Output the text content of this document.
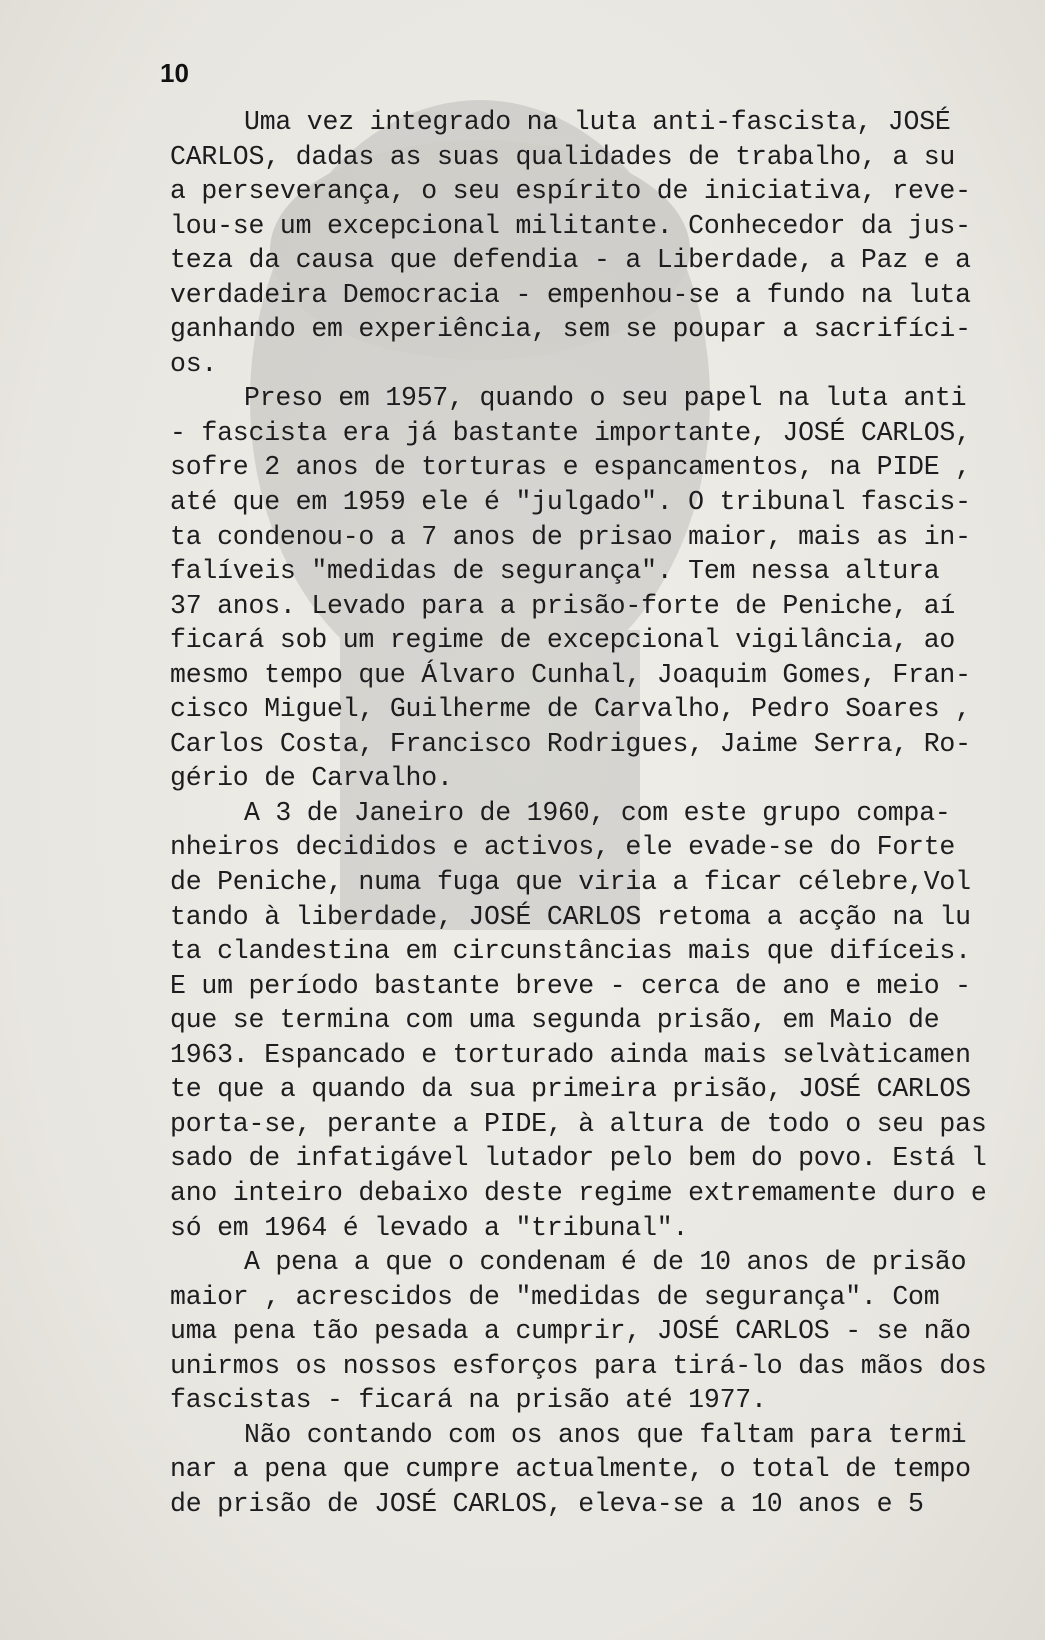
10

Uma vez integrado na luta anti-fascista, JOSÉ

CARLOS, dadas as suas qualidades de trabalho, a su

a perseverança, o seu espírito de iniciativa, reve-

lou-se um excepcional militante. Conhecedor da jus-

teza da causa que defendia - a Liberdade, a Paz e a

verdadeira Democracia - empenhou-se a fundo na luta

ganhando em experiência, sem se poupar a sacrifíci-

os.

Preso em 1957, quando o seu papel na luta anti

- fascista era já bastante importante, JOSÉ CARLOS,

sofre 2 anos de torturas e espancamentos, na PIDE ,

até que em 1959 ele é "julgado". O tribunal fascis-

ta condenou-o a 7 anos de prisao maior, mais as in-

falíveis "medidas de segurança". Tem nessa altura

37 anos. Levado para a prisão-forte de Peniche, aí

ficará sob um regime de excepcional vigilância, ao

mesmo tempo que Álvaro Cunhal, Joaquim Gomes, Fran-

cisco Miguel, Guilherme de Carvalho, Pedro Soares ,

Carlos Costa, Francisco Rodrigues, Jaime Serra, Ro-

gério de Carvalho.

A 3 de Janeiro de 1960, com este grupo compa-

nheiros decididos e activos, ele evade-se do Forte

de Peniche, numa fuga que viria a ficar célebre,Vol

tando à liberdade, JOSÉ CARLOS retoma a acção na lu

ta clandestina em circunstâncias mais que difíceis.

E um período bastante breve - cerca de ano e meio -

que se termina com uma segunda prisão, em Maio de

1963. Espancado e torturado ainda mais selvàticamen

te que a quando da sua primeira prisão, JOSÉ CARLOS

porta-se, perante a PIDE, à altura de todo o seu pas

sado de infatigável lutador pelo bem do povo. Está l

ano inteiro debaixo deste regime extremamente duro e

só em 1964 é levado a "tribunal".

A pena a que o condenam é de 10 anos de prisão

maior , acrescidos de "medidas de segurança". Com

uma pena tão pesada a cumprir, JOSÉ CARLOS - se não

unirmos os nossos esforços para tirá-lo das mãos dos

fascistas - ficará na prisão até 1977.

Não contando com os anos que faltam para termi

nar a pena que cumpre actualmente, o total de tempo

de prisão de JOSÉ CARLOS, eleva-se a 10 anos e 5
